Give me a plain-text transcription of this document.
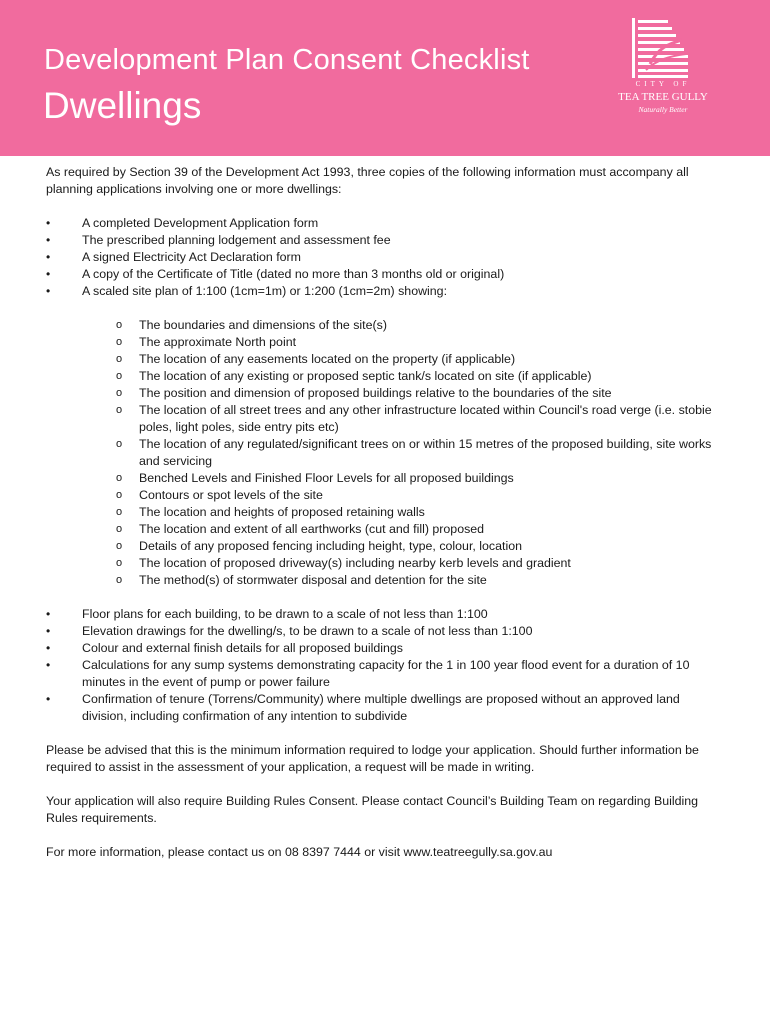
Development Plan Consent Checklist
Dwellings
CITY OF
TEA TREE GULLY
Naturally Better

As required by Section 39 of the Development Act 1993, three copies of the following information must accompany all planning applications involving one or more dwellings:

•	A completed Development Application form
•	The prescribed planning lodgement and assessment fee
•	A signed Electricity Act Declaration form
•	A copy of the Certificate of Title (dated no more than 3 months old or original)
•	A scaled site plan of 1:100 (1cm=1m) or 1:200 (1cm=2m) showing:
o The boundaries and dimensions of the site(s)
o The approximate North point
o The location of any easements located on the property (if applicable)
o The location of any existing or proposed septic tank/s located on site (if applicable)
o The position and dimension of proposed buildings relative to the boundaries of the site
o The location of all street trees and any other infrastructure located within Council's road verge (i.e. stobie poles, light poles, side entry pits etc)
o The location of any regulated/significant trees on or within 15 metres of the proposed building, site works and servicing
o Benched Levels and Finished Floor Levels for all proposed buildings
o Contours or spot levels of the site
o The location and heights of proposed retaining walls
o The location and extent of all earthworks (cut and fill) proposed
o Details of any proposed fencing including height, type, colour, location
o The location of proposed driveway(s) including nearby kerb levels and gradient
o The method(s) of stormwater disposal and detention for the site
•	Floor plans for each building, to be drawn to a scale of not less than 1:100
•	Elevation drawings for the dwelling/s, to be drawn to a scale of not less than 1:100
•	Colour and external finish details for all proposed buildings
•	Calculations for any sump systems demonstrating capacity for the 1 in 100 year flood event for a duration of 10 minutes in the event of pump or power failure
•	Confirmation of tenure (Torrens/Community) where multiple dwellings are proposed without an approved land division, including confirmation of any intention to subdivide

Please be advised that this is the minimum information required to lodge your application. Should further information be required to assist in the assessment of your application, a request will be made in writing.

Your application will also require Building Rules Consent. Please contact Council’s Building Team on regarding Building Rules requirements.

For more information, please contact us on 08 8397 7444 or visit www.teatreegully.sa.gov.au
